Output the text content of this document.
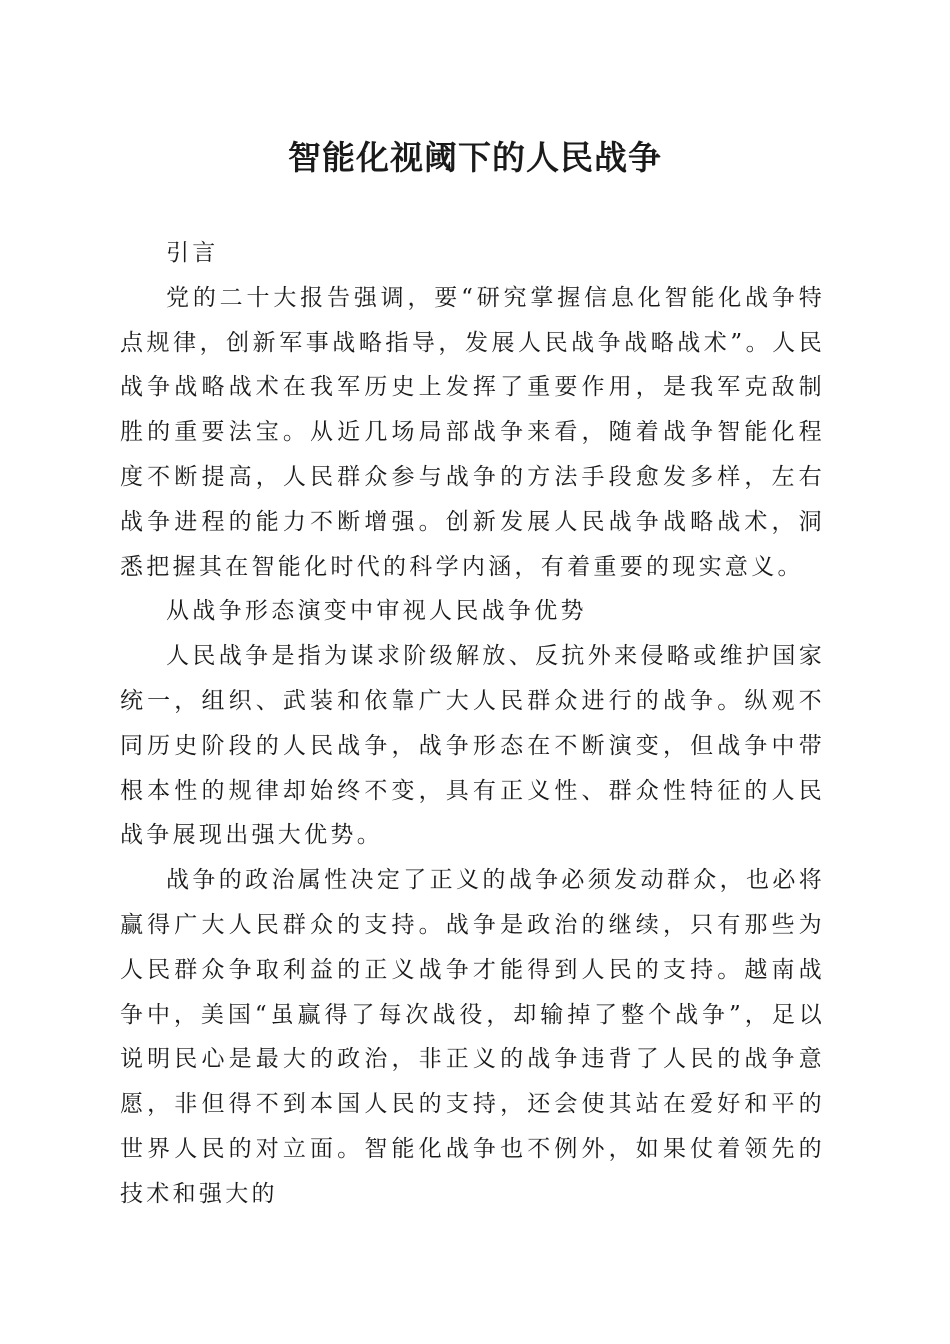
智能化视阈下的人民战争

引言

党的二十大报告强调，要“研究掌握信息化智能化战争特点规律，创新军事战略指导，发展人民战争战略战术”。人民战争战略战术在我军历史上发挥了重要作用，是我军克敌制胜的重要法宝。从近几场局部战争来看，随着战争智能化程度不断提高，人民群众参与战争的方法手段愈发多样，左右战争进程的能力不断增强。创新发展人民战争战略战术，洞悉把握其在智能化时代的科学内涵，有着重要的现实意义。

从战争形态演变中审视人民战争优势

人民战争是指为谋求阶级解放、反抗外来侵略或维护国家统一，组织、武装和依靠广大人民群众进行的战争。纵观不同历史阶段的人民战争，战争形态在不断演变，但战争中带根本性的规律却始终不变，具有正义性、群众性特征的人民战争展现出强大优势。

战争的政治属性决定了正义的战争必须发动群众，也必将赢得广大人民群众的支持。战争是政治的继续，只有那些为人民群众争取利益的正义战争才能得到人民的支持。越南战争中，美国“虽赢得了每次战役，却输掉了整个战争”，足以说明民心是最大的政治，非正义的战争违背了人民的战争意愿，非但得不到本国人民的支持，还会使其站在爱好和平的世界人民的对立面。智能化战争也不例外，如果仗着领先的技术和强大的
